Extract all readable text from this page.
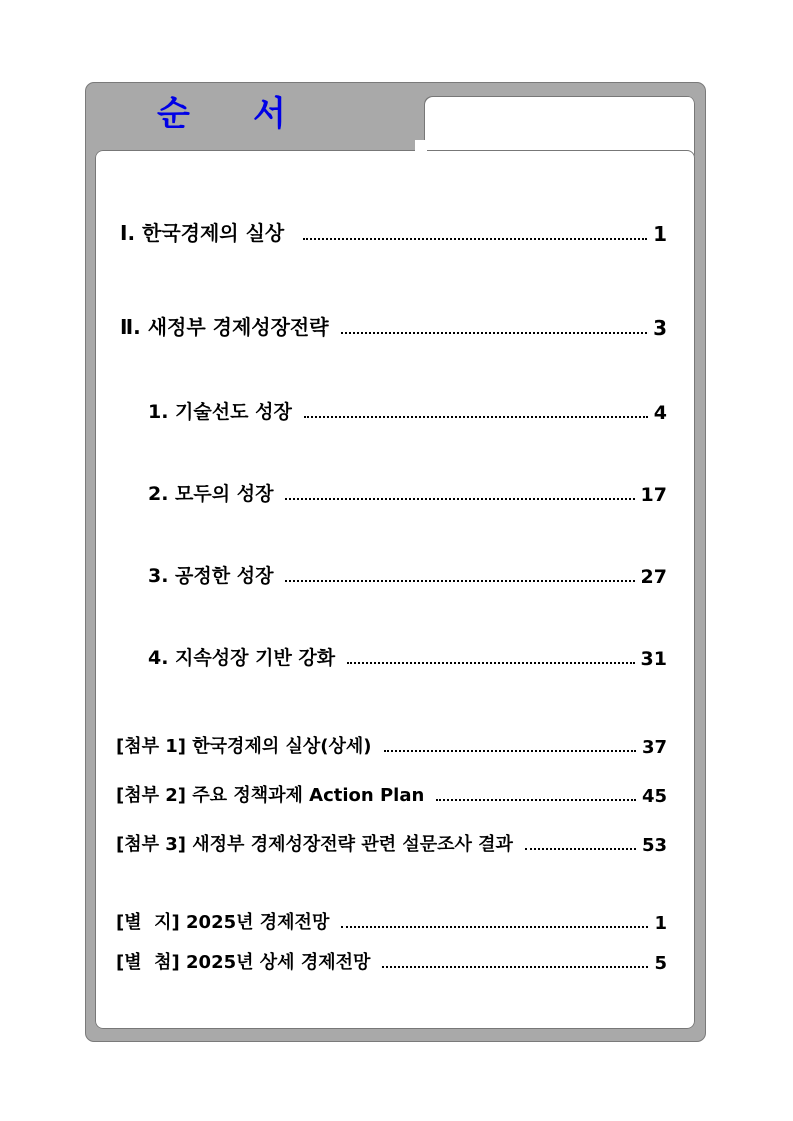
순 서
Ⅰ. 한국경제의 실상	1
Ⅱ. 새정부 경제성장전략	3
1. 기술선도 성장	4
2. 모두의 성장	17
3. 공정한 성장	27
4. 지속성장 기반 강화	31
[첨부 1] 한국경제의 실상(상세)	37
[첨부 2] 주요 정책과제 Action Plan	45
[첨부 3] 새정부 경제성장전략 관련 설문조사 결과	53
[별  지] 2025년 경제전망	1
[별  첨] 2025년 상세 경제전망	5
